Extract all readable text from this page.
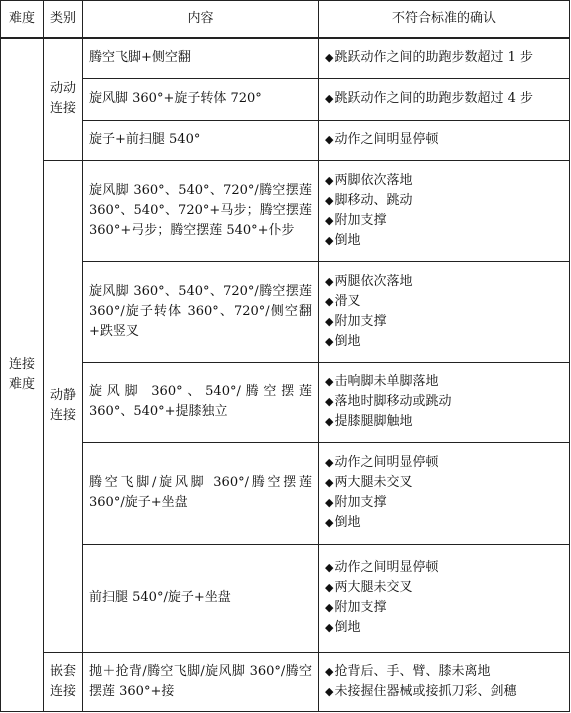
难度	类别	内容	不符合标准的确认
连接难度	动动连接	腾空飞脚+侧空翻	◆ 跳跃动作之间的助跑步数超过 1 步

		旋风脚 360°+旋子转体 720°	◆ 跳跃动作之间的助跑步数超过 4 步

		旋子+前扫腿 540°	◆ 动作之间明显停顿

	动静连接	旋风脚 360°、540°、720°/腾空摆莲 360°、540°、720°+马步；腾空摆莲 360°+弓步；腾空摆莲 540°+仆步	◆ 两脚依次落地
◆ 脚移动、跳动
◆ 附加支撑
◆ 倒地

		旋风脚 360°、540°、720°/腾空摆莲 360°/旋子转体 360°、720°/侧空翻+跌竖叉	◆ 两腿依次落地
◆ 滑叉
◆ 附加支撑
◆ 倒地

		旋风脚 360°、540°/腾空摆莲 360°、540°+提膝独立	◆ 击响脚未单脚落地
◆ 落地时脚移动或跳动
◆ 提膝腿脚触地

		腾空飞脚/旋风脚 360°/腾空摆莲 360°/旋子+坐盘	◆ 动作之间明显停顿
◆ 两大腿未交叉
◆ 附加支撑
◆ 倒地

		前扫腿 540°/旋子+坐盘	◆ 动作之间明显停顿
◆ 两大腿未交叉
◆ 附加支撑
◆ 倒地

	嵌套连接	抛＋抢背/腾空飞脚/旋风脚 360°/腾空摆莲 360°+接	◆ 抢背后、手、臂、膝未离地
◆ 未接握住器械或接抓刀彩、剑穗
